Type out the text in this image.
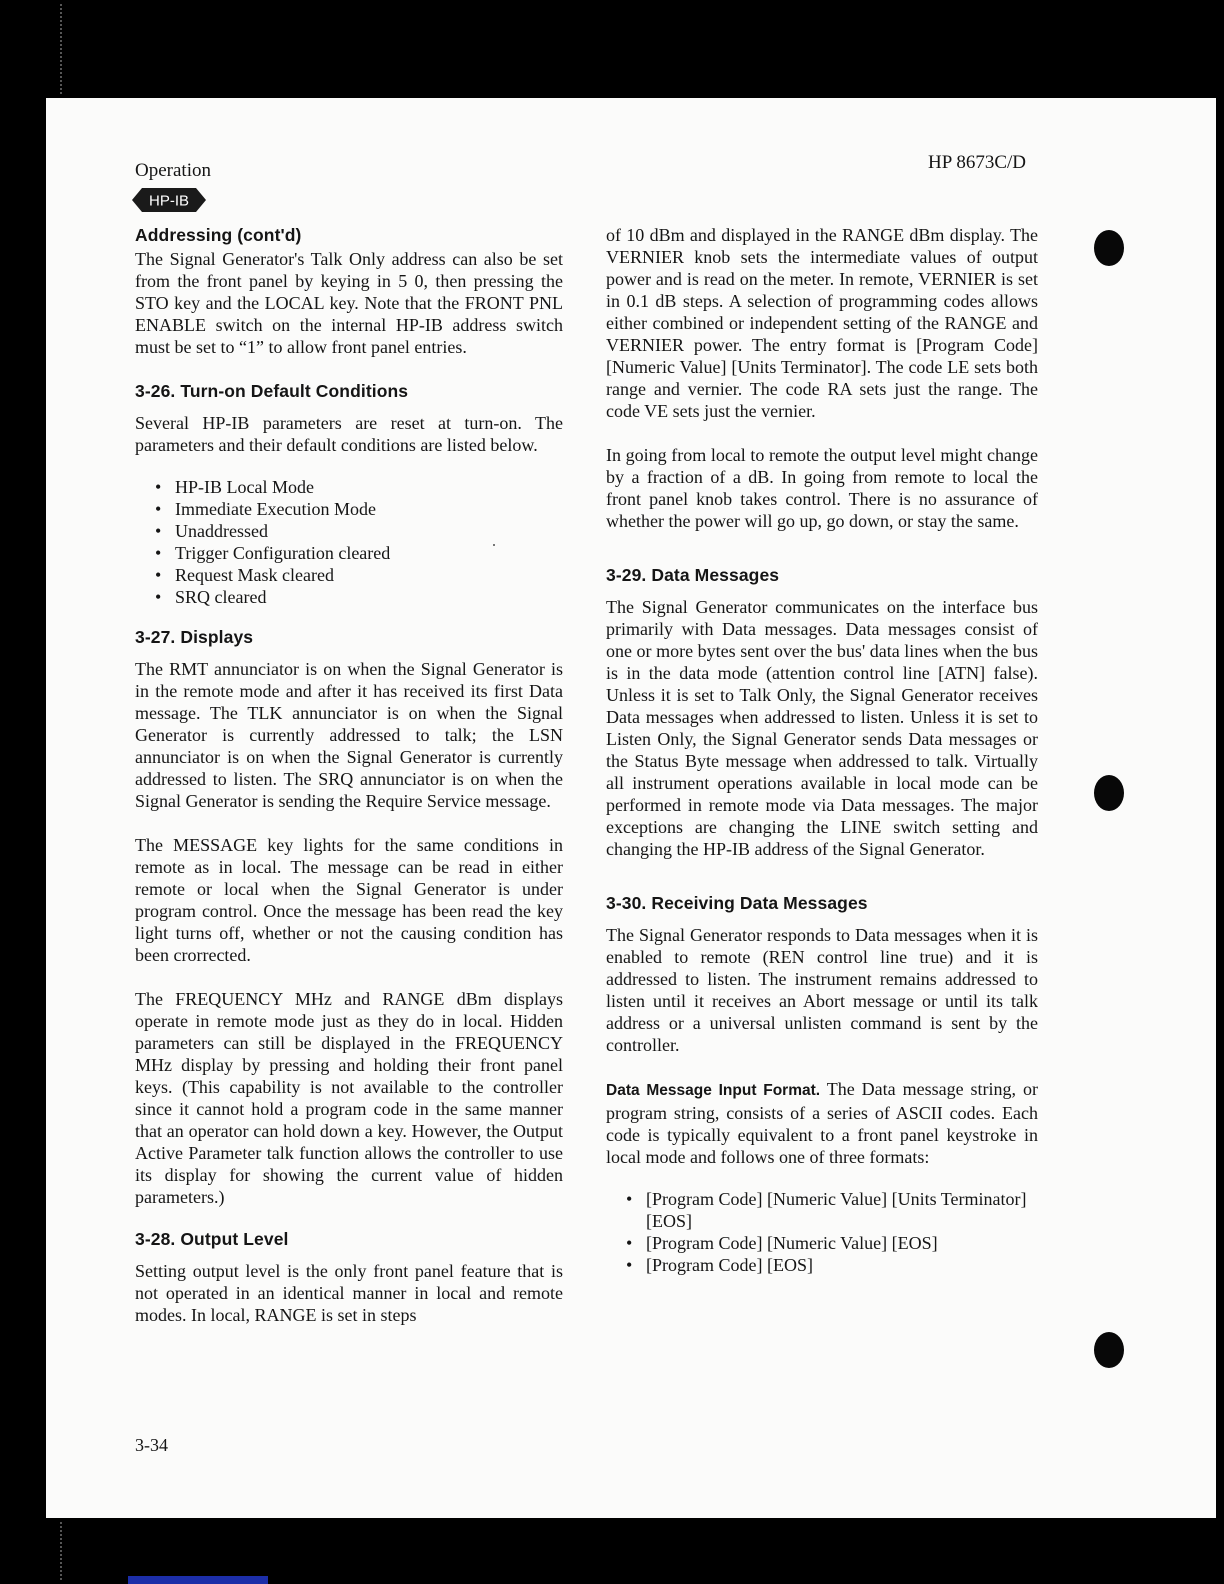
Operation	HP 8673C/D
HP-IB
Addressing (cont'd)

The Signal Generator's Talk Only address can also be set from the front panel by keying in 5 0, then pressing the STO key and the LOCAL key. Note that the FRONT PNL ENABLE switch on the internal HP-IB address switch must be set to “1” to allow front panel entries.

3-26. Turn-on Default Conditions

Several HP-IB parameters are reset at turn-on. The parameters and their default conditions are listed below.

• HP-IB Local Mode
• Immediate Execution Mode
• Unaddressed
• Trigger Configuration cleared
• Request Mask cleared
• SRQ cleared
3-27. Displays

The RMT annunciator is on when the Signal Generator is in the remote mode and after it has received its first Data message. The TLK annunciator is on when the Signal Generator is currently addressed to talk; the LSN annunciator is on when the Signal Generator is currently addressed to listen. The SRQ annunciator is on when the Signal Generator is sending the Require Service message.

The MESSAGE key lights for the same conditions in remote as in local. The message can be read in either remote or local when the Signal Generator is under program control. Once the message has been read the key light turns off, whether or not the causing condition has been crorrected.

The FREQUENCY MHz and RANGE dBm displays operate in remote mode just as they do in local. Hidden parameters can still be displayed in the FREQUENCY MHz display by pressing and holding their front panel keys. (This capability is not available to the controller since it cannot hold a program code in the same manner that an operator can hold down a key. However, the Output Active Parameter talk function allows the controller to use its display for showing the current value of hidden parameters.)

3-28. Output Level

Setting output level is the only front panel feature that is not operated in an identical manner in local and remote modes. In local, RANGE is set in steps

of 10 dBm and displayed in the RANGE dBm display. The VERNIER knob sets the intermediate values of output power and is read on the meter. In remote, VERNIER is set in 0.1 dB steps. A selection of programming codes allows either combined or independent setting of the RANGE and VERNIER power. The entry format is [Program Code] [Numeric Value] [Units Terminator]. The code LE sets both range and vernier. The code RA sets just the range. The code VE sets just the vernier.

In going from local to remote the output level might change by a fraction of a dB. In going from remote to local the front panel knob takes control. There is no assurance of whether the power will go up, go down, or stay the same.

3-29. Data Messages

The Signal Generator communicates on the interface bus primarily with Data messages. Data messages consist of one or more bytes sent over the bus' data lines when the bus is in the data mode (attention control line [ATN] false). Unless it is set to Talk Only, the Signal Generator receives Data messages when addressed to listen. Unless it is set to Listen Only, the Signal Generator sends Data messages or the Status Byte message when addressed to talk. Virtually all instrument operations available in local mode can be performed in remote mode via Data messages. The major exceptions are changing the LINE switch setting and changing the HP-IB address of the Signal Generator.

3-30. Receiving Data Messages

The Signal Generator responds to Data messages when it is enabled to remote (REN control line true) and it is addressed to listen. The instrument remains addressed to listen until it receives an Abort message or until its talk address or a universal unlisten command is sent by the controller.

Data Message Input Format. The Data message string, or program string, consists of a series of ASCII codes. Each code is typically equivalent to a front panel keystroke in local mode and follows one of three formats:

• [Program Code] [Numeric Value] [Units Terminator] [EOS]
• [Program Code] [Numeric Value] [EOS]
• [Program Code] [EOS]
3-34
